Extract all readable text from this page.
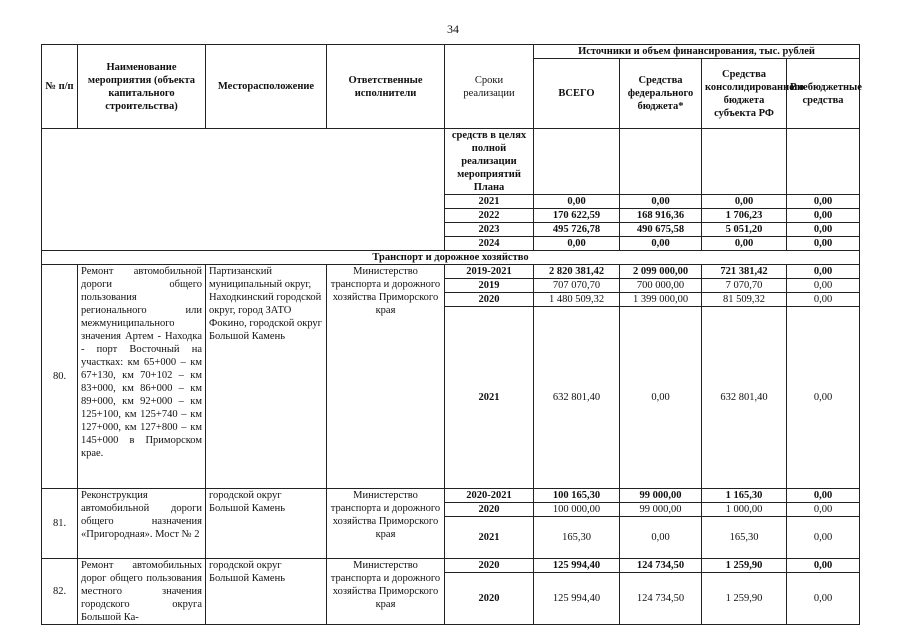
34
№ п/п	Наименование мероприятия (объекта капитального строительства)	Месторасположение	Ответственные исполнители	Сроки реализации	Источники и объем финансирования, тыс. рублей			
					ВСЕГО	Средства федерального бюджета*	Средства консолидированного бюджета субъекта РФ	Внебюджетные средства
				средств в целях полной реализации мероприятий Плана				
				2021	0,00	0,00	0,00	0,00
				2022	170 622,59	168 916,36	1 706,23	0,00
				2023	495 726,78	490 675,58	5 051,20	0,00
				2024	0,00	0,00	0,00	0,00
Транспорт и дорожное хозяйство								
80.	Ремонт автомобильной дороги общего пользования регионального или межмуниципального значения Артем - Находка - порт Восточный на участках: км 65+000 – км 67+130, км 70+102 – км 83+000, км 86+000 – км 89+000, км 92+000 – км 125+100, км 125+740 – км 127+000, км 127+800 – км 145+000 в Приморском крае.	Партизанский муниципальный округ, Находкинский городской округ, город ЗАТО Фокино, городской округ Большой Камень	Министерство транспорта и дорожного хозяйства Приморского края	2019-2021	2 820 381,42	2 099 000,00	721 381,42	0,00
				2019	707 070,70	700 000,00	7 070,70	0,00
				2020	1 480 509,32	1 399 000,00	81 509,32	0,00
				2021	632 801,40	0,00	632 801,40	0,00
81.	Реконструкция автомобильной дороги общего назначения «Пригородная». Мост № 2	городской округ Большой Камень	Министерство транспорта и дорожного хозяйства Приморского края	2020-2021	100 165,30	99 000,00	1 165,30	0,00
				2020	100 000,00	99 000,00	1 000,00	0,00
				2021	165,30	0,00	165,30	0,00
82.	Ремонт автомобильных дорог общего пользования местного значения городского округа Большой Ка-	городской округ Большой Камень	Министерство транспорта и дорожного хозяйства Приморского края	2020	125 994,40	124 734,50	1 259,90	0,00
				2020	125 994,40	124 734,50	1 259,90	0,00
